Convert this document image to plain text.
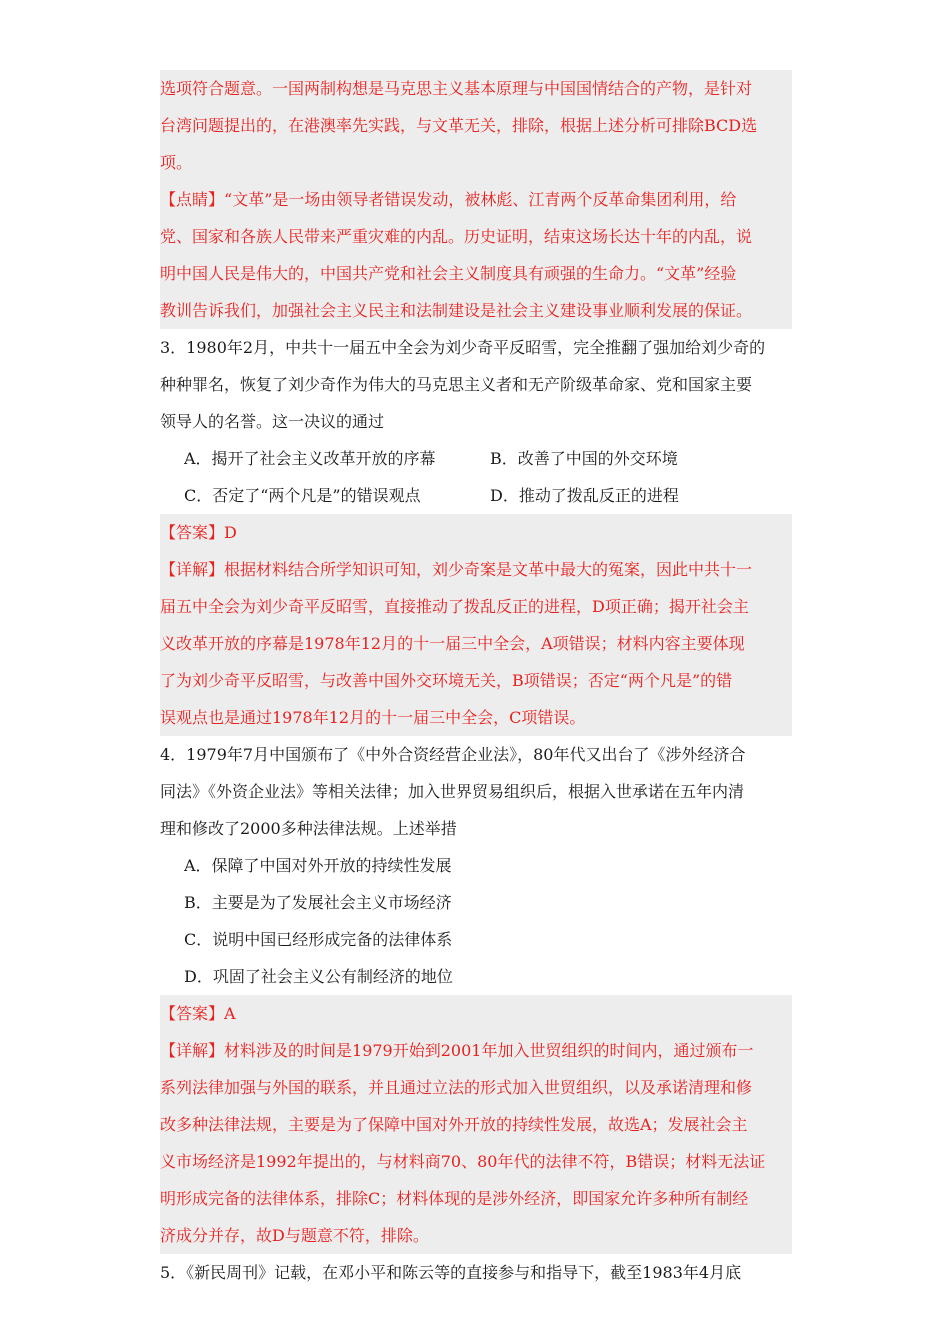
选项符合题意。一国两制构想是马克思主义基本原理与中国国情结合的产物，是针对
台湾问题提出的，在港澳率先实践，与文革无关，排除，根据上述分析可排除BCD选
项。
【点睛】“文革”是一场由领导者错误发动，被林彪、江青两个反革命集团利用，给
党、国家和各族人民带来严重灾难的内乱。历史证明，结束这场长达十年的内乱，说
明中国人民是伟大的，中国共产党和社会主义制度具有顽强的生命力。“文革”经验
教训告诉我们，加强社会主义民主和法制建设是社会主义建设事业顺利发展的保证。
3．1980年2月，中共十一届五中全会为刘少奇平反昭雪，完全推翻了强加给刘少奇的
种种罪名，恢复了刘少奇作为伟大的马克思主义者和无产阶级革命家、党和国家主要
领导人的名誉。这一决议的通过
A．揭开了社会主义改革开放的序幕	B．改善了中国的外交环境
C．否定了“两个凡是”的错误观点	D．推动了拨乱反正的进程
【答案】D
【详解】根据材料结合所学知识可知，刘少奇案是文革中最大的冤案，因此中共十一
届五中全会为刘少奇平反昭雪，直接推动了拨乱反正的进程，D项正确；揭开社会主
义改革开放的序幕是1978年12月的十一届三中全会，A项错误；材料内容主要体现
了为刘少奇平反昭雪，与改善中国外交环境无关，B项错误；否定“两个凡是”的错
误观点也是通过1978年12月的十一届三中全会，C项错误。
4．1979年7月中国颁布了《中外合资经营企业法》，80年代又出台了《涉外经济合
同法》《外资企业法》等相关法律；加入世界贸易组织后，根据入世承诺在五年内清
理和修改了2000多种法律法规。上述举措
A．保障了中国对外开放的持续性发展
B．主要是为了发展社会主义市场经济
C．说明中国已经形成完备的法律体系
D．巩固了社会主义公有制经济的地位
【答案】A
【详解】材料涉及的时间是1979开始到2001年加入世贸组织的时间内，通过颁布一
系列法律加强与外国的联系，并且通过立法的形式加入世贸组织，以及承诺清理和修
改多种法律法规，主要是为了保障中国对外开放的持续性发展，故选A；发展社会主
义市场经济是1992年提出的，与材料商70、80年代的法律不符，B错误；材料无法证
明形成完备的法律体系，排除C；材料体现的是涉外经济，即国家允许多种所有制经
济成分并存，故D与题意不符，排除。
5．《新民周刊》记载，在邓小平和陈云等的直接参与和指导下，截至1983年4月底
